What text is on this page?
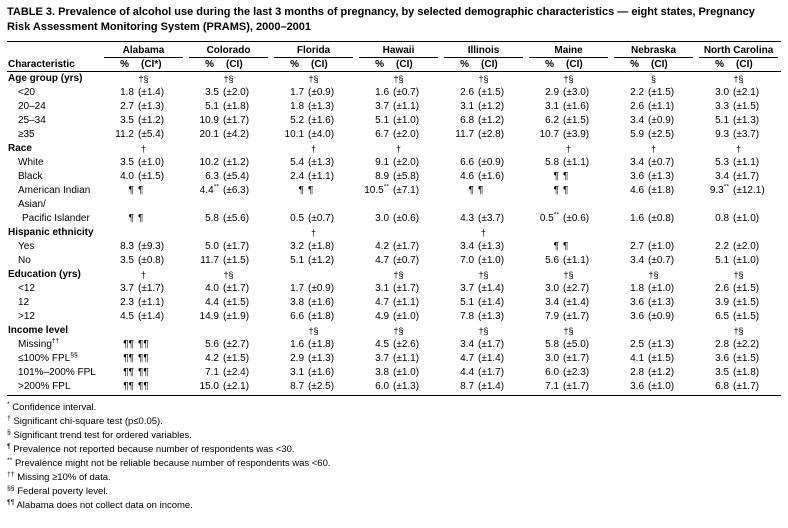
TABLE 3. Prevalence of alcohol use during the last 3 months of pregnancy, by selected demographic characteristics — eight states, Pregnancy Risk Assessment Monitoring System (PRAMS), 2000–2001

	Alabama		Colorado		Florida		Hawaii		Illinois		Maine		Nebraska		North Carolina	

Characteristic	%	(CI*)	%	(CI)	%	(CI)	%	(CI)	%	(CI)	%	(CI)	%	(CI)	%	(CI)
Age group (yrs)	†§		†§		†§		†§		†§		†§		§		†§	
<20	1.8	(±1.4)	3.5	(±2.0)	1.7	(±0.9)	1.6	(±0.7)	2.6	(±1.5)	2.9	(±3.0)	2.2	(±1.5)	3.0	(±2.1)
20–24	2.7	(±1.3)	5.1	(±1.8)	1.8	(±1.3)	3.7	(±1.1)	3.1	(±1.2)	3.1	(±1.6)	2.6	(±1.1)	3.3	(±1.5)
25–34	3.5	(±1.2)	10.9	(±1.7)	5.2	(±1.6)	5.1	(±1.0)	6.8	(±1.2)	6.2	(±1.5)	3.4	(±0.9)	5.1	(±1.3)
≥35	11.2	(±5.4)	20.1	(±4.2)	10.1	(±4.0)	6.7	(±2.0)	11.7	(±2.8)	10.7	(±3.9)	5.9	(±2.5)	9.3	(±3.7)
Race	†				†		†				†		†		†	
White	3.5	(±1.0)	10.2	(±1.2)	5.4	(±1.3)	9.1	(±2.0)	6.6	(±0.9)	5.8	(±1.1)	3.4	(±0.7)	5.3	(±1.1)
Black	4.0	(±1.5)	6.3	(±5.4)	2.4	(±1.1)	8.9	(±5.8)	4.6	(±1.6)	¶	¶	3.6	(±1.3)	3.4	(±1.7)
American Indian	¶	¶	4.4**	(±6.3)	¶	¶	10.5**	(±7.1)	¶	¶	¶	¶	4.6	(±1.8)	9.3**	(±12.1)
Asian/																
Pacific Islander	¶	¶	5.8	(±5.6)	0.5	(±0.7)	3.0	(±0.6)	4.3	(±3.7)	0.5**	(±0.6)	1.6	(±0.8)	0.8	(±1.0)
Hispanic ethnicity					†				†							
Yes	8.3	(±9.3)	5.0	(±1.7)	3.2	(±1.8)	4.2	(±1.7)	3.4	(±1.3)	¶	¶	2.7	(±1.0)	2.2	(±2.0)
No	3.5	(±0.8)	11.7	(±1.5)	5.1	(±1.2)	4.7	(±0.7)	7.0	(±1.0)	5.6	(±1.1)	3.4	(±0.7)	5.1	(±1.0)
Education (yrs)	†		†§				†§		†§		†§		†§		†§	
<12	3.7	(±1.7)	4.0	(±1.7)	1.7	(±0.9)	3.1	(±1.7)	3.7	(±1.4)	3.0	(±2.7)	1.8	(±1.0)	2.6	(±1.5)
12	2.3	(±1.1)	4.4	(±1.5)	3.8	(±1.6)	4.7	(±1.1)	5.1	(±1.4)	3.4	(±1.4)	3.6	(±1.3)	3.9	(±1.5)
>12	4.5	(±1.4)	14.9	(±1.9)	6.6	(±1.8)	4.9	(±1.0)	7.8	(±1.3)	7.9	(±1.7)	3.6	(±0.9)	6.5	(±1.5)
Income level					†§		†§		†§		†§				†§	
Missing††	¶¶	¶¶	5.6	(±2.7)	1.6	(±1.8)	4.5	(±2.6)	3.4	(±1.7)	5.8	(±5.0)	2.5	(±1.3)	2.8	(±2.2)
≤100% FPL§§	¶¶	¶¶	4.2	(±1.5)	2.9	(±1.3)	3.7	(±1.1)	4.7	(±1.4)	3.0	(±1.7)	4.1	(±1.5)	3.6	(±1.5)
101%–200% FPL	¶¶	¶¶	7.1	(±2.4)	3.1	(±1.6)	3.8	(±1.0)	4.4	(±1.7)	6.0	(±2.3)	2.8	(±1.2)	3.5	(±1.8)
>200% FPL	¶¶	¶¶	15.0	(±2.1)	8.7	(±2.5)	6.0	(±1.3)	8.7	(±1.4)	7.1	(±1.7)	3.6	(±1.0)	6.8	(±1.7)
* Confidence interval.
† Significant chi-square test (p≤0.05).
§ Significant trend test for ordered variables.
¶ Prevalence not reported because number of respondents was <30.
** Prevalence might not be reliable because number of respondents was <60.
†† Missing ≥10% of data.
§§ Federal poverty level.
¶¶ Alabama does not collect data on income.
